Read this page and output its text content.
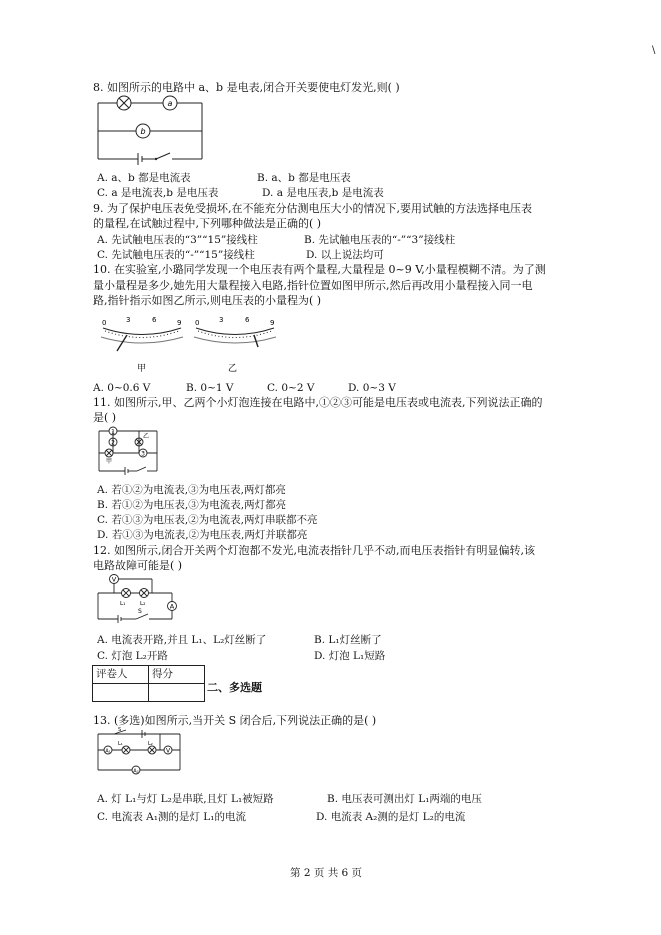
\
8. 如图所示的电路中 a、b 是电表,闭合开关要使电灯发光,则( )
a
b
A. a、b 都是电流表	B. a、b 都是电压表
C. a 是电流表,b 是电压表	D. a 是电压表,b 是电流表
9. 为了保护电压表免受损坏,在不能充分估测电压大小的情况下,要用试触的方法选择电压表
的量程,在试触过程中,下列哪种做法是正确的( )
A. 先试触电压表的“3”“15”接线柱	B. 先试触电压表的“-”“3”接线柱
C. 先试触电压表的“-”“15”接线柱	D. 以上说法均可
10. 在实验室,小璐同学发现一个电压表有两个量程,大量程是 0~9 V,小量程模糊不清。为了测
量小量程是多少,她先用大量程接入电路,指针位置如图甲所示,然后再改用小量程接入同一电
路,指针指示如图乙所示,则电压表的小量程为( )
0	3	6	9
甲
0	3	6	9
乙
A. 0~0.6 V	B. 0~1 V	C. 0~2 V	D. 0~3 V
11. 如图所示,甲、乙两个小灯泡连接在电路中,①②③可能是电压表或电流表,下列说法正确的
是( )
1
2
3
甲
乙
A. 若①②为电流表,③为电压表,两灯都亮
B. 若①②为电压表,③为电流表,两灯都亮
C. 若①③为电压表,②为电流表,两灯串联都不亮
D. 若①③为电流表,②为电压表,两灯并联都亮
12. 如图所示,闭合开关两个灯泡都不发光,电流表指针几乎不动,而电压表指针有明显偏转,该
电路故障可能是( )
V
A
L₁	L₂
S
A. 电流表开路,并且 L₁、L₂灯丝断了	B. L₁灯丝断了
C. 灯泡 L₂开路	D. 灯泡 L₁短路
评卷人	得分

二、多选题
13. (多选)如图所示,当开关 S 闭合后,下列说法正确的是( )
A₁	V
A₂
L₁	L₂
S
A. 灯 L₁与灯 L₂是串联,且灯 L₁被短路	B. 电压表可测出灯 L₁两端的电压
C. 电流表 A₁测的是灯 L₁的电流	D. 电流表 A₂测的是灯 L₂的电流
第 2 页 共 6 页
